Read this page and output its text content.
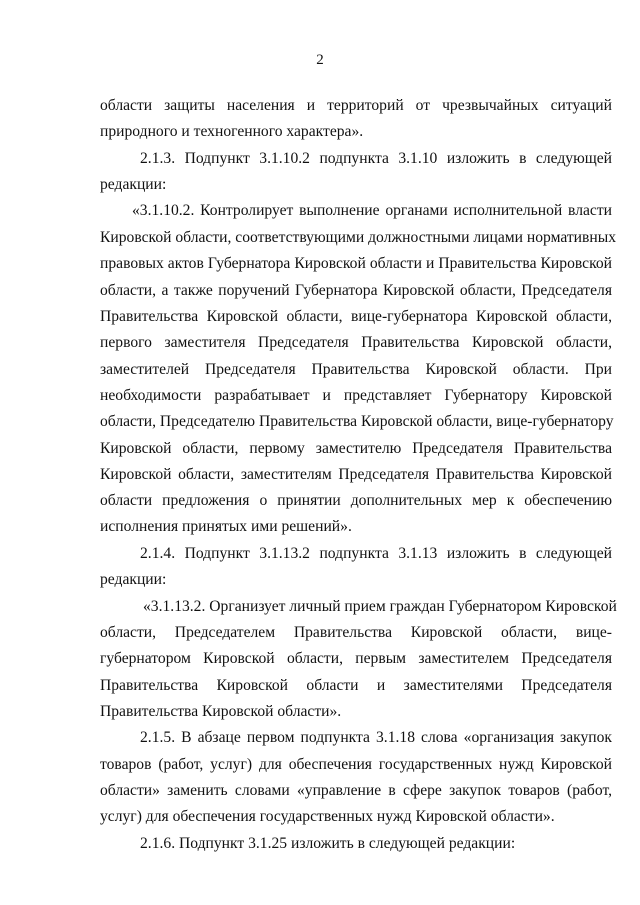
2
области защиты населения и территорий от чрезвычайных ситуаций
природного и техногенного характера».
2.1.3. Подпункт 3.1.10.2 подпункта 3.1.10 изложить в следующей
редакции:
«3.1.10.2. Контролирует выполнение органами исполнительной власти
Кировской области, соответствующими должностными лицами нормативных
правовых актов Губернатора Кировской области и Правительства Кировской
области, а также поручений Губернатора Кировской области, Председателя
Правительства Кировской области, вице-губернатора Кировской области,
первого заместителя Председателя Правительства Кировской области,
заместителей Председателя Правительства Кировской области. При
необходимости разрабатывает и представляет Губернатору Кировской
области, Председателю Правительства Кировской области, вице-губернатору
Кировской области, первому заместителю Председателя Правительства
Кировской области, заместителям Председателя Правительства Кировской
области предложения о принятии дополнительных мер к обеспечению
исполнения принятых ими решений».
2.1.4. Подпункт 3.1.13.2 подпункта 3.1.13 изложить в следующей
редакции:
«3.1.13.2. Организует личный прием граждан Губернатором Кировской
области, Председателем Правительства Кировской области, вице-
губернатором Кировской области, первым заместителем Председателя
Правительства Кировской области и заместителями Председателя
Правительства Кировской области».
2.1.5. В абзаце первом подпункта 3.1.18 слова «организация закупок
товаров (работ, услуг) для обеспечения государственных нужд Кировской
области» заменить словами «управление в сфере закупок товаров (работ,
услуг) для обеспечения государственных нужд Кировской области».
2.1.6. Подпункт 3.1.25 изложить в следующей редакции:
